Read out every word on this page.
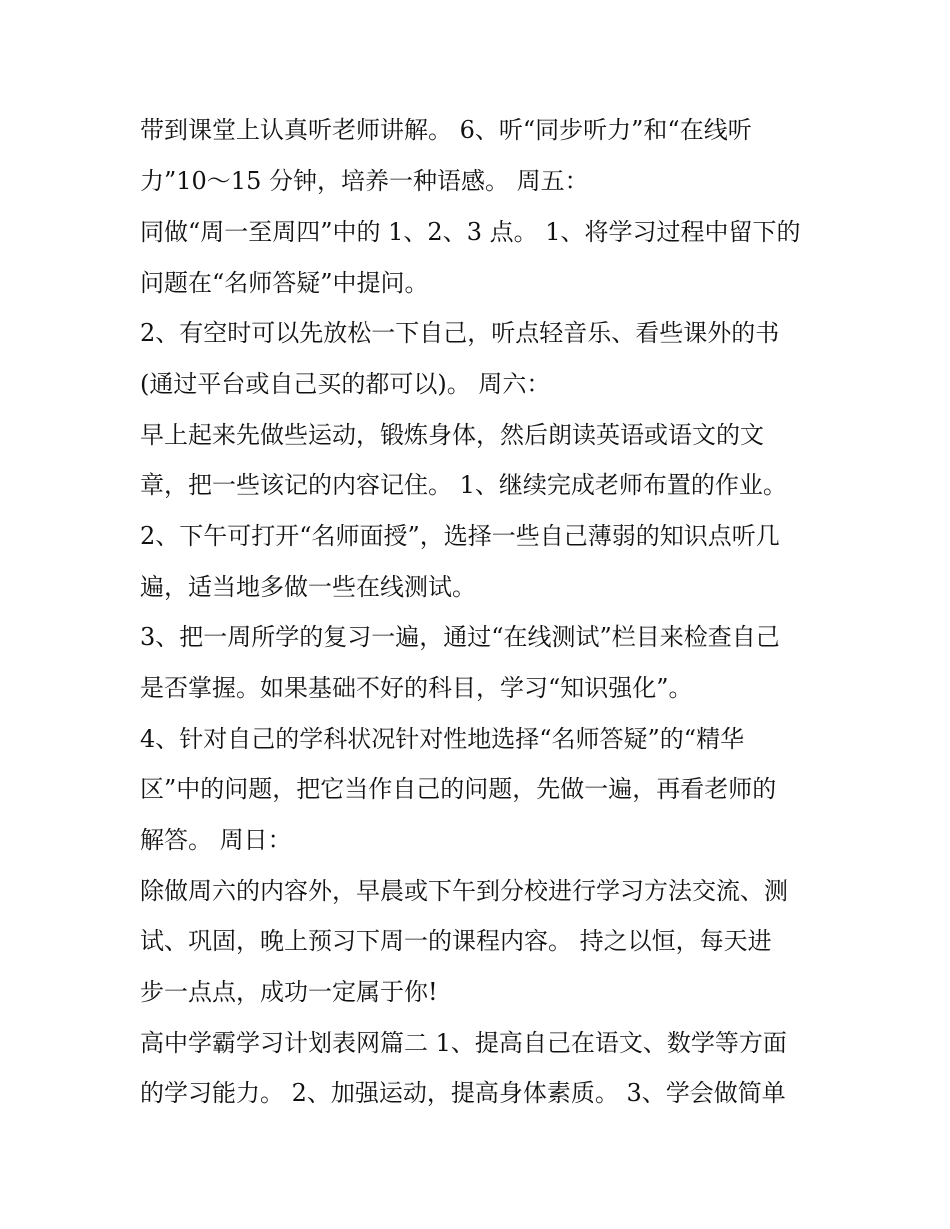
带到课堂上认真听老师讲解。 6、听“同步听力”和“在线听
力”10～15 分钟，培养一种语感。 周五：
同做“周一至周四”中的 1、2、3 点。 1、将学习过程中留下的
问题在“名师答疑”中提问。
2、有空时可以先放松一下自己，听点轻音乐、看些课外的书
(通过平台或自己买的都可以)。 周六：
早上起来先做些运动，锻炼身体，然后朗读英语或语文的文
章，把一些该记的内容记住。 1、继续完成老师布置的作业。
2、下午可打开“名师面授”，选择一些自己薄弱的知识点听几
遍，适当地多做一些在线测试。
3、把一周所学的复习一遍，通过“在线测试”栏目来检查自己
是否掌握。如果基础不好的科目，学习“知识强化”。
4、针对自己的学科状况针对性地选择“名师答疑”的“精华
区”中的问题，把它当作自己的问题，先做一遍，再看老师的
解答。 周日：
除做周六的内容外，早晨或下午到分校进行学习方法交流、测
试、巩固，晚上预习下周一的课程内容。 持之以恒，每天进
步一点点，成功一定属于你!
高中学霸学习计划表网篇二 1、提高自己在语文、数学等方面
的学习能力。 2、加强运动，提高身体素质。 3、学会做简单
